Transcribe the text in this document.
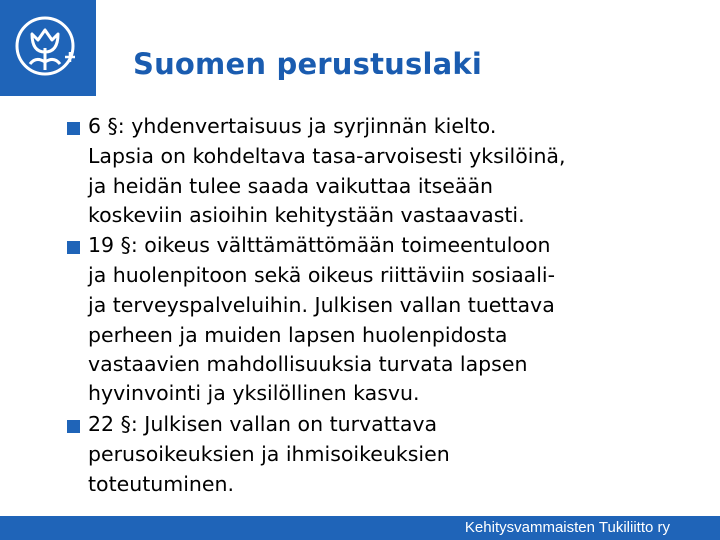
Suomen perustuslaki
6 §: yhdenvertaisuus ja syrjinnän kielto.
Lapsia on kohdeltava tasa-arvoisesti yksilöinä,
ja heidän tulee saada vaikuttaa itseään
koskeviin asioihin kehitystään vastaavasti.
19 §: oikeus välttämättömään toimeentuloon
ja huolenpitoon sekä oikeus riittäviin sosiaali-
ja terveyspalveluihin. Julkisen vallan tuettava
perheen ja muiden lapsen huolenpidosta
vastaavien mahdollisuuksia turvata lapsen
hyvinvointi ja yksilöllinen kasvu.
22 §: Julkisen vallan on turvattava
perusoikeuksien ja ihmisoikeuksien
toteutuminen.
Kehitysvammaisten Tukiliitto ry
